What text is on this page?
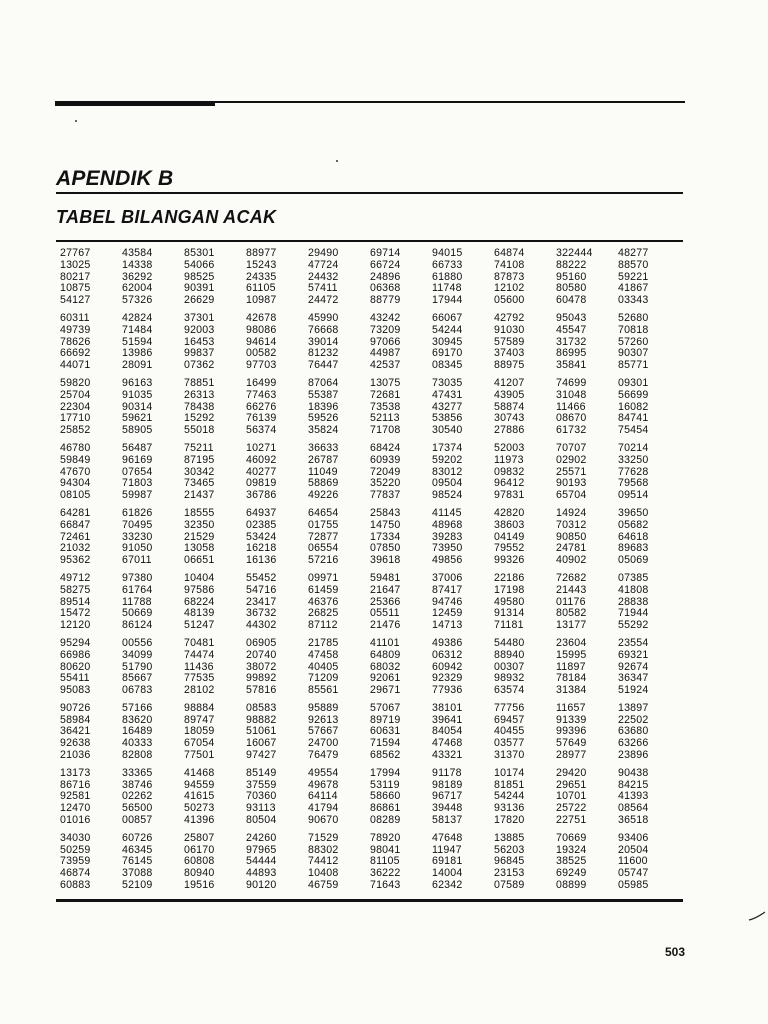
APENDIK B
TABEL BILANGAN ACAK
27767
13025
80217
10875
54127
43584
14338
36292
62004
57326
85301
54066
98525
90391
26629
88977
15243
24335
61105
10987
29490
47724
24432
57411
24472
69714
66724
24896
06368
88779
94015
66733
61880
11748
17944
64874
74108
87873
12102
05600
322444
88222
95160
80580
60478
48277
88570
59221
41867
03343
60311
49739
78626
66692
44071
42824
71484
51594
13986
28091
37301
92003
16453
99837
07362
42678
98086
94614
00582
97703
45990
76668
39014
81232
76447
43242
73209
97066
44987
42537
66067
54244
30945
69170
08345
42792
91030
57589
37403
88975
95043
45547
31732
86995
35841
52680
70818
57260
90307
85771
59820
25704
22304
17710
25852
96163
91035
90314
59621
58905
78851
26313
78438
15292
55018
16499
77463
66276
76139
56374
87064
55387
18396
59526
35824
13075
72681
73538
52113
71708
73035
47431
43277
53856
30540
41207
43905
58874
30743
27886
74699
31048
11466
08670
61732
09301
56699
16082
84741
75454
46780
59849
47670
94304
08105
56487
96169
07654
71803
59987
75211
87195
30342
73465
21437
10271
46092
40277
09819
36786
36633
26787
11049
58869
49226
68424
60939
72049
35220
77837
17374
59202
83012
09504
98524
52003
11973
09832
96412
97831
70707
02902
25571
90193
65704
70214
33250
77628
79568
09514
64281
66847
72461
21032
95362
61826
70495
33230
91050
67011
18555
32350
21529
13058
06651
64937
02385
53424
16218
16136
64654
01755
72877
06554
57216
25843
14750
17334
07850
39618
41145
48968
39283
73950
49856
42820
38603
04149
79552
99326
14924
70312
90850
24781
40902
39650
05682
64618
89683
05069
49712
58275
89514
15472
12120
97380
61764
11788
50669
86124
10404
97586
68224
48139
51247
55452
54716
23417
36732
44302
09971
61459
46376
26825
87112
59481
21647
25366
05511
21476
37006
87417
94746
12459
14713
22186
17198
49580
91314
71181
72682
21443
01176
80582
13177
07385
41808
28838
71944
55292
95294
66986
80620
55411
95083
00556
34099
51790
85667
06783
70481
74474
11436
77535
28102
06905
20740
38072
99892
57816
21785
47458
40405
71209
85561
41101
64809
68032
92061
29671
49386
06312
60942
92329
77936
54480
88940
00307
98932
63574
23604
15995
11897
78184
31384
23554
69321
92674
36347
51924
90726
58984
36421
92638
21036
57166
83620
16489
40333
82808
98884
89747
18059
67054
77501
08583
98882
51061
16067
97427
95889
92613
57667
24700
76479
57067
89719
60631
71594
68562
38101
39641
84054
47468
43321
77756
69457
40455
03577
31370
11657
91339
99396
57649
28977
13897
22502
63680
63266
23896
13173
86716
92581
12470
01016
33365
38746
02262
56500
00857
41468
94559
41615
50273
41396
85149
37559
70360
93113
80504
49554
49678
64114
41794
90670
17994
53119
58660
86861
08289
91178
98189
96717
39448
58137
10174
81851
54244
93136
17820
29420
29651
10701
25722
22751
90438
84215
41393
08564
36518
34030
50259
73959
46874
60883
60726
46345
76145
37088
52109
25807
06170
60808
80940
19516
24260
97965
54444
44893
90120
71529
88302
74412
10408
46759
78920
98041
81105
36222
71643
47648
11947
69181
14004
62342
13885
56203
96845
23153
07589
70669
19324
38525
69249
08899
93406
20504
11600
05747
05985
503
